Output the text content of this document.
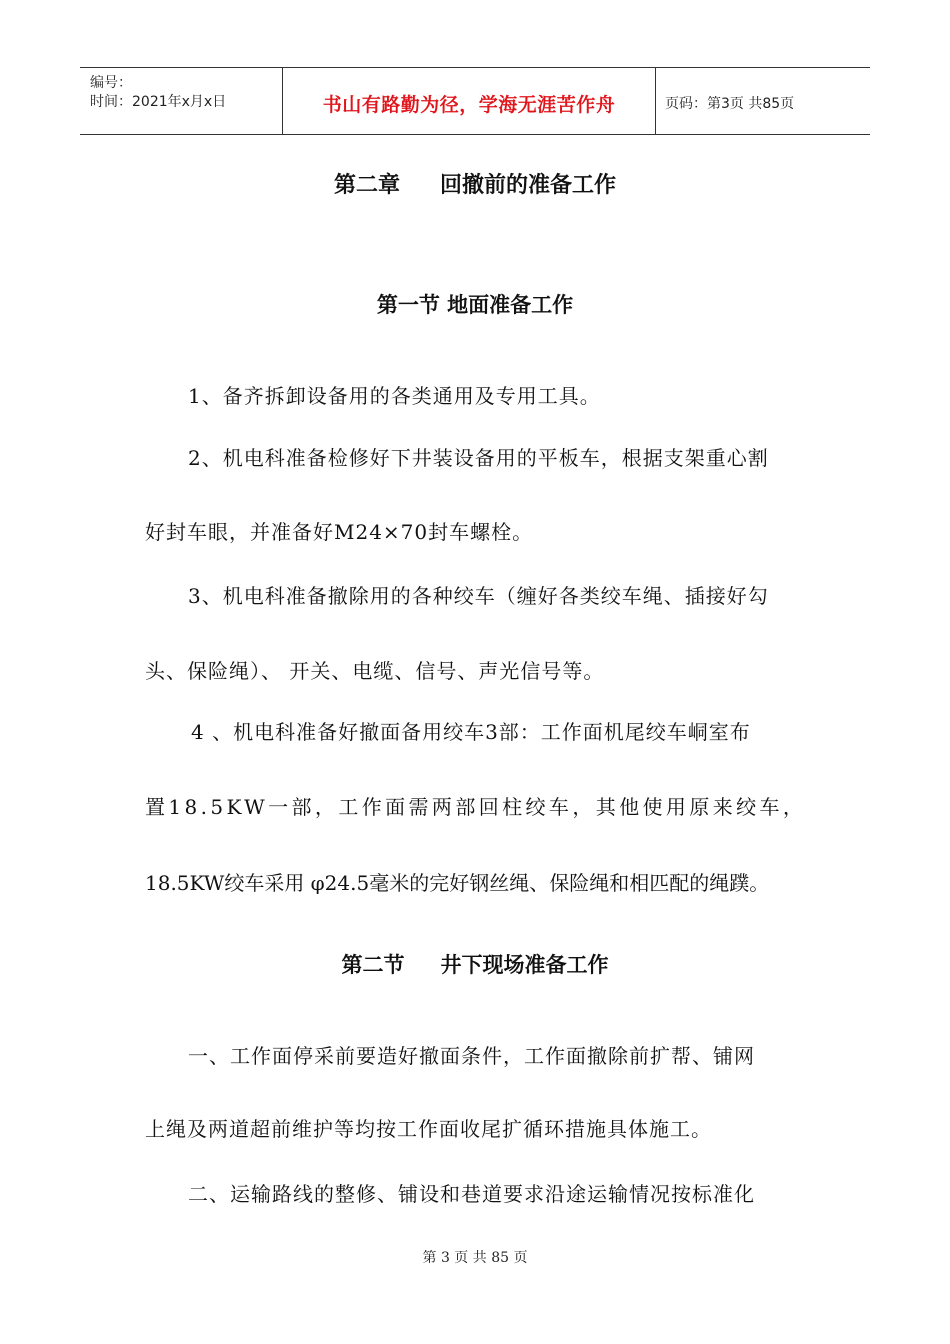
编号：
时间：2021年x月x日	书山有路勤为径，学海无涯苦作舟	页码：第3页 共85页
第二章 回撤前的准备工作
第一节 地面准备工作
1、备齐拆卸设备用的各类通用及专用工具。
2、机电科准备检修好下井装设备用的平板车，根据支架重心割
好封车眼，并准备好M24×70封车螺栓。
3、机电科准备撤除用的各种绞车（缠好各类绞车绳、插接好勾
头、保险绳）、 开关、电缆、信号、声光信号等。
4 、机电科准备好撤面备用绞车3部：工作面机尾绞车峒室布
置18.5KW一部，工作面需两部回柱绞车，其他使用原来绞车，
18.5KW绞车采用 φ24.5毫米的完好钢丝绳、保险绳和相匹配的绳蹼。
第二节 井下现场准备工作
一、工作面停采前要造好撤面条件，工作面撤除前扩帮、铺网
上绳及两道超前维护等均按工作面收尾扩循环措施具体施工。
二、运输路线的整修、铺设和巷道要求沿途运输情况按标准化
第 3 页 共 85 页
